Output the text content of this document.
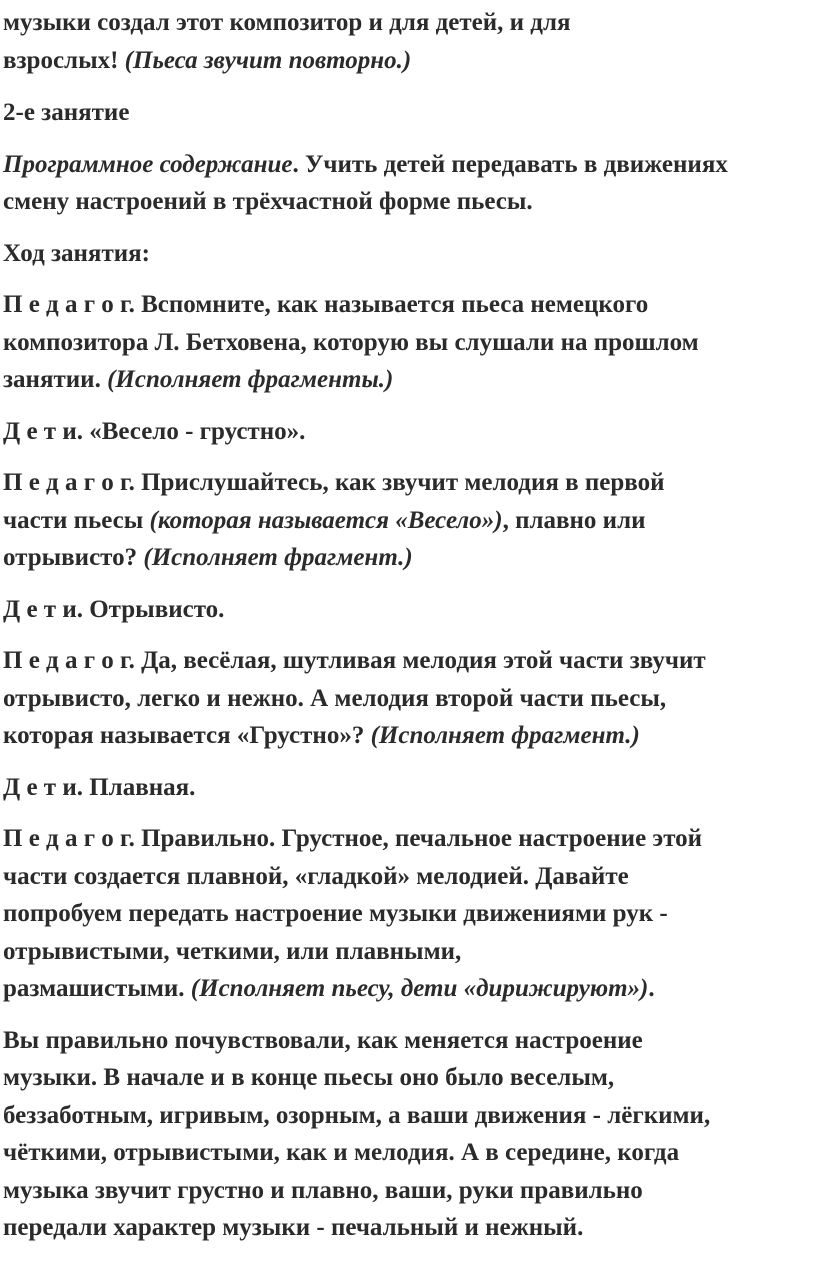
музыки создал этот композитор и для детей, и для
взрослых! (Пьеса звучит повторно.)
2-е занятие
Программное содержание. Учить детей передавать в движениях
смену настроений в трёхчастной форме пьесы.
Ход занятия:
П е д а г о г. Вспомните, как называется пьеса немецкого
композитора Л. Бетховена, которую вы слушали на прошлом
занятии. (Исполняет фрагменты.)
Д е т и. «Весело - грустно».
П е д а г о г. Прислушайтесь, как звучит мелодия в первой
части пьесы (которая называется «Весело»), плавно или
отрывисто? (Исполняет фрагмент.)
Д е т и. Отрывисто.
П е д а г о г. Да, весёлая, шутливая мелодия этой части звучит
отрывисто, легко и нежно. А мелодия второй части пьесы,
которая называется «Грустно»? (Исполняет фрагмент.)
Д е т и. Плавная.
П е д а г о г. Правильно. Грустное, печальное настроение этой
части создается плавной, «гладкой» мелодией. Давайте
попробуем передать настроение музыки движениями рук -
отрывистыми, четкими, или плавными,
размашистыми. (Исполняет пьесу, дети «дирижируют»).
Вы правильно почувствовали, как меняется настроение
музыки. В начале и в конце пьесы оно было веселым,
беззаботным, игривым, озорным, а ваши движения - лёгкими,
чёткими, отрывистыми, как и мелодия. А в середине, когда
музыка звучит грустно и плавно, ваши, руки правильно
передали характер музыки - печальный и нежный.
